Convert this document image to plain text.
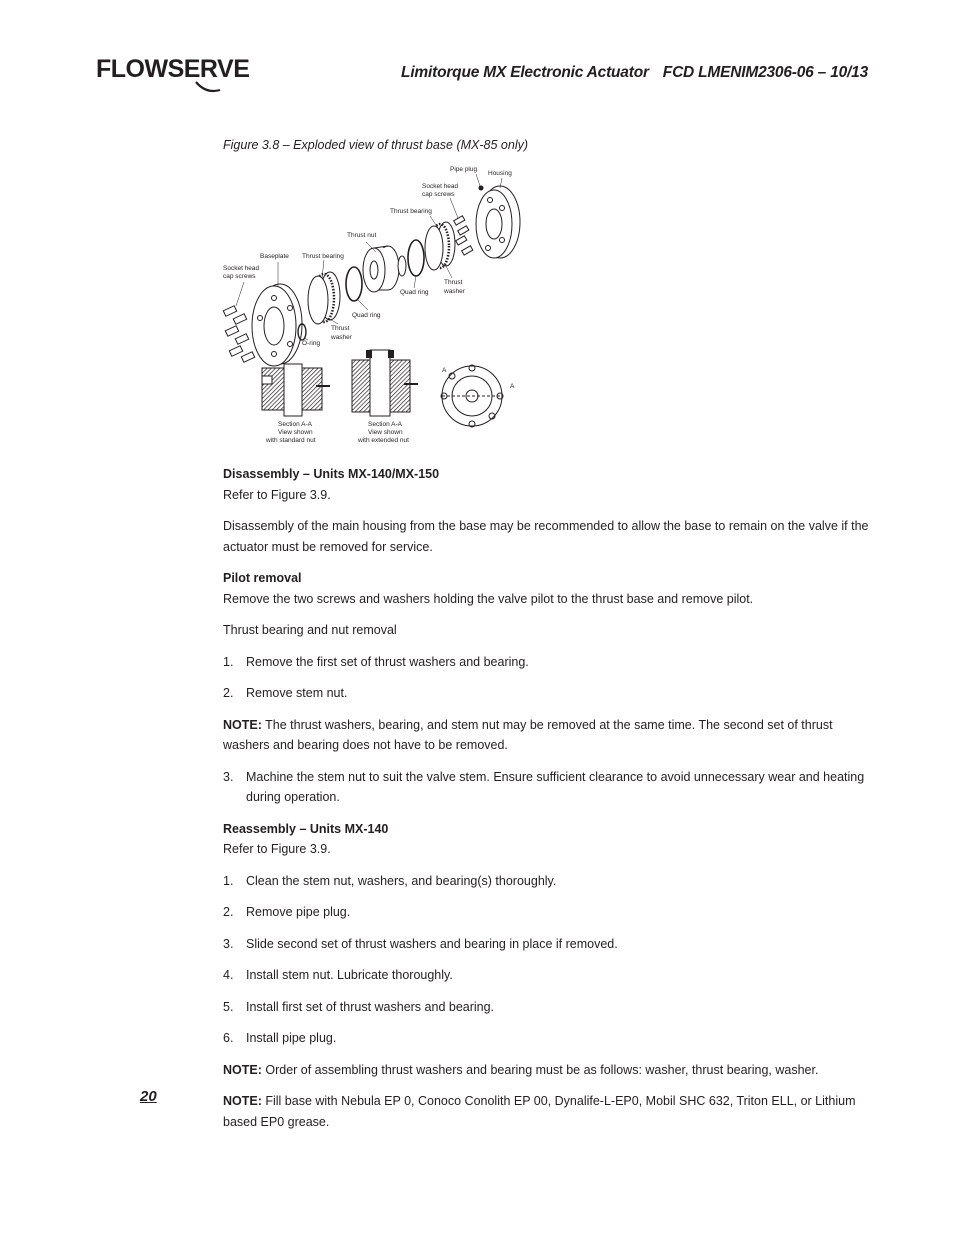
FLOWSERVE	Limitorque MX Electronic Actuator FCD LMENIM2306-06 – 10/13
Figure 3.8 – Exploded view of thrust base (MX-85 only)
Pipe plug
Housing
Socket head
cap screws
Thrust bearing
Thrust nut
Baseplate Thrust bearing
Socket head
cap screws
Quad ring
Thrust
washer
Quad ring
Thrust
washer
O-ring
Section A-A
View shown
with standard nut
Section A-A
View shown
with extended nut
A
A

Disassembly – Units MX-140/MX-150

Refer to Figure 3.9.

Disassembly of the main housing from the base may be recommended to allow the base to remain on the valve if the actuator must be removed for service.

Pilot removal

Remove the two screws and washers holding the valve pilot to the thrust base and remove pilot.

Thrust bearing and nut removal

1.	Remove the first set of thrust washers and bearing.
2.	Remove stem nut.

NOTE: The thrust washers, bearing, and stem nut may be removed at the same time. The second set of thrust washers and bearing does not have to be removed.

3.	Machine the stem nut to suit the valve stem. Ensure sufficient clearance to avoid unnecessary wear and heating during operation.

Reassembly – Units MX-140

Refer to Figure 3.9.

1.	Clean the stem nut, washers, and bearing(s) thoroughly.
2.	Remove pipe plug.
3.	Slide second set of thrust washers and bearing in place if removed.
4.	Install stem nut. Lubricate thoroughly.
5.	Install first set of thrust washers and bearing.
6.	Install pipe plug.

NOTE: Order of assembling thrust washers and bearing must be as follows: washer, thrust bearing, washer.

NOTE: Fill base with Nebula EP 0, Conoco Conolith EP 00, Dynalife-L-EP0, Mobil SHC 632, Triton ELL, or Lithium based EP0 grease.

20
